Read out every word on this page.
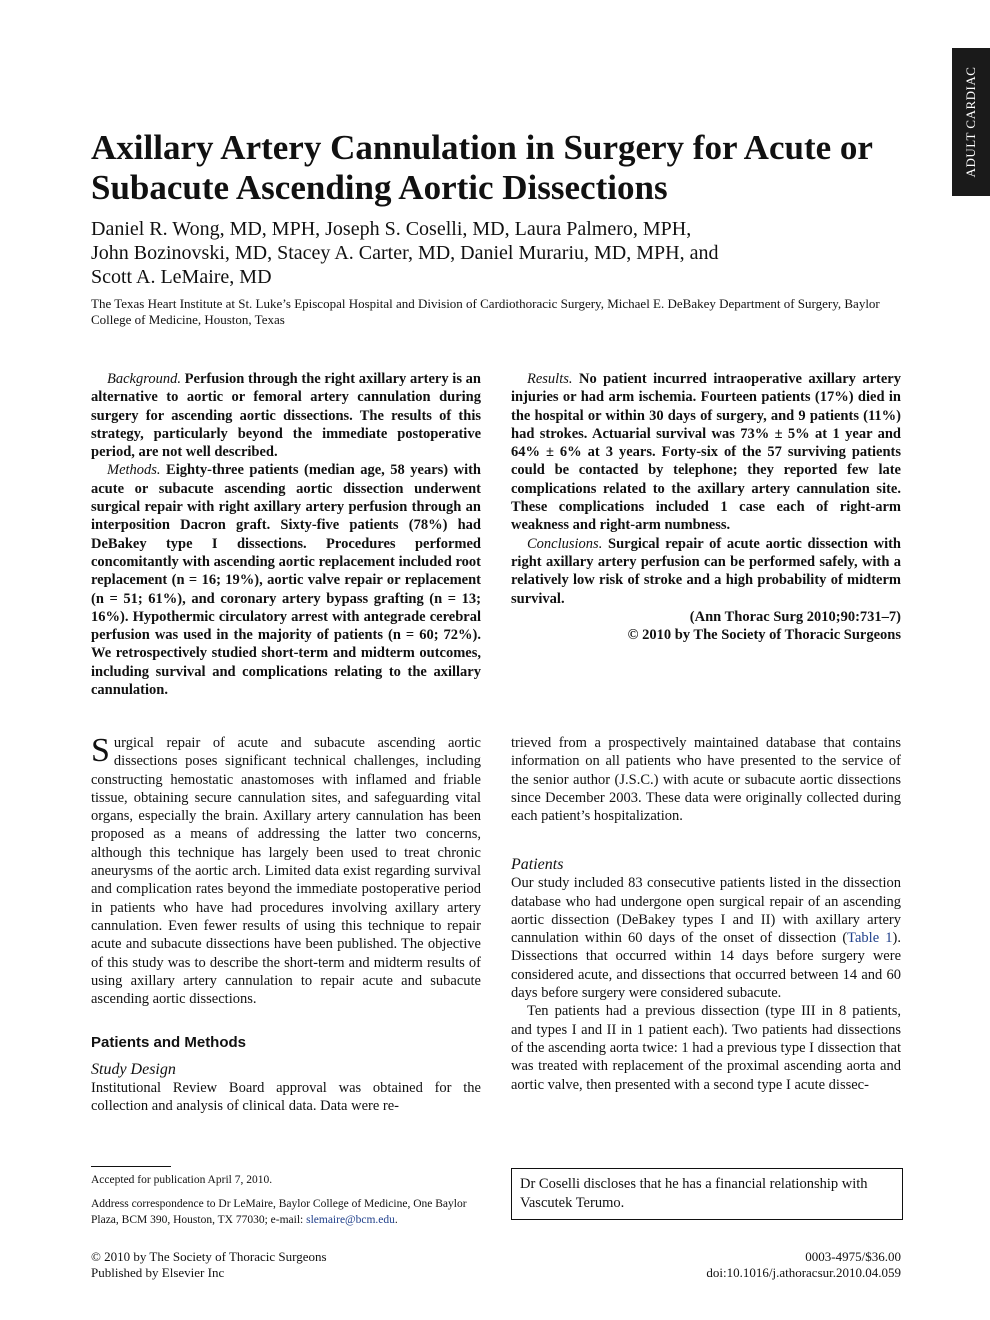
ADULT CARDIAC
Axillary Artery Cannulation in Surgery for Acute or Subacute Ascending Aortic Dissections
Daniel R. Wong, MD, MPH, Joseph S. Coselli, MD, Laura Palmero, MPH,
John Bozinovski, MD, Stacey A. Carter, MD, Daniel Murariu, MD, MPH, and
Scott A. LeMaire, MD
The Texas Heart Institute at St. Luke’s Episcopal Hospital and Division of Cardiothoracic Surgery, Michael E. DeBakey Department of Surgery, Baylor College of Medicine, Houston, Texas

Background. Perfusion through the right axillary artery is an alternative to aortic or femoral artery cannulation during surgery for ascending aortic dissections. The results of this strategy, particularly beyond the immediate postoperative period, are not well described.

Methods. Eighty-three patients (median age, 58 years) with acute or subacute ascending aortic dissection underwent surgical repair with right axillary artery perfusion through an interposition Dacron graft. Sixty-five patients (78%) had DeBakey type I dissections. Procedures performed concomitantly with ascending aortic replacement included root replacement (n = 16; 19%), aortic valve repair or replacement (n = 51; 61%), and coronary artery bypass grafting (n = 13; 16%). Hypothermic circulatory arrest with antegrade cerebral perfusion was used in the majority of patients (n = 60; 72%). We retrospectively studied short-term and midterm outcomes, including survival and complications relating to the axillary cannulation.

Results. No patient incurred intraoperative axillary artery injuries or had arm ischemia. Fourteen patients (17%) died in the hospital or within 30 days of surgery, and 9 patients (11%) had strokes. Actuarial survival was 73% ± 5% at 1 year and 64% ± 6% at 3 years. Forty-six of the 57 surviving patients could be contacted by telephone; they reported few late complications related to the axillary artery cannulation site. These complications included 1 case each of right-arm weakness and right-arm numbness.

Conclusions. Surgical repair of acute aortic dissection with right axillary artery perfusion can be performed safely, with a relatively low risk of stroke and a high probability of midterm survival.

(Ann Thorac Surg 2010;90:731–7)

© 2010 by The Society of Thoracic Surgeons

Surgical repair of acute and subacute ascending aortic dissections poses significant technical challenges, including constructing hemostatic anastomoses with inflamed and friable tissue, obtaining secure cannulation sites, and safeguarding vital organs, especially the brain. Axillary artery cannulation has been proposed as a means of addressing the latter two concerns, although this technique has largely been used to treat chronic aneurysms of the aortic arch. Limited data exist regarding survival and complication rates beyond the immediate postoperative period in patients who have had procedures involving axillary artery cannulation. Even fewer results of using this technique to repair acute and subacute dissections have been published. The objective of this study was to describe the short-term and midterm results of using axillary artery cannulation to repair acute and subacute ascending aortic dissections.

Patients and Methods

Study Design

Institutional Review Board approval was obtained for the collection and analysis of clinical data. Data were re-

trieved from a prospectively maintained database that contains information on all patients who have presented to the service of the senior author (J.S.C.) with acute or subacute aortic dissections since December 2003. These data were originally collected during each patient’s hospitalization.

Patients

Our study included 83 consecutive patients listed in the dissection database who had undergone open surgical repair of an ascending aortic dissection (DeBakey types I and II) with axillary artery cannulation within 60 days of the onset of dissection (Table 1). Dissections that occurred within 14 days before surgery were considered acute, and dissections that occurred between 14 and 60 days before surgery were considered subacute.

Ten patients had a previous dissection (type III in 8 patients, and types I and II in 1 patient each). Two patients had dissections of the ascending aorta twice: 1 had a previous type I dissection that was treated with replacement of the proximal ascending aorta and aortic valve, then presented with a second type I acute dissec-

Accepted for publication April 7, 2010.

Address correspondence to Dr LeMaire, Baylor College of Medicine, One Baylor Plaza, BCM 390, Houston, TX 77030; e-mail: slemaire@bcm.edu.

Dr Coselli discloses that he has a financial relationship with Vascutek Terumo.
© 2010 by The Society of Thoracic Surgeons
Published by Elsevier Inc
0003-4975/$36.00
doi:10.1016/j.athoracsur.2010.04.059
